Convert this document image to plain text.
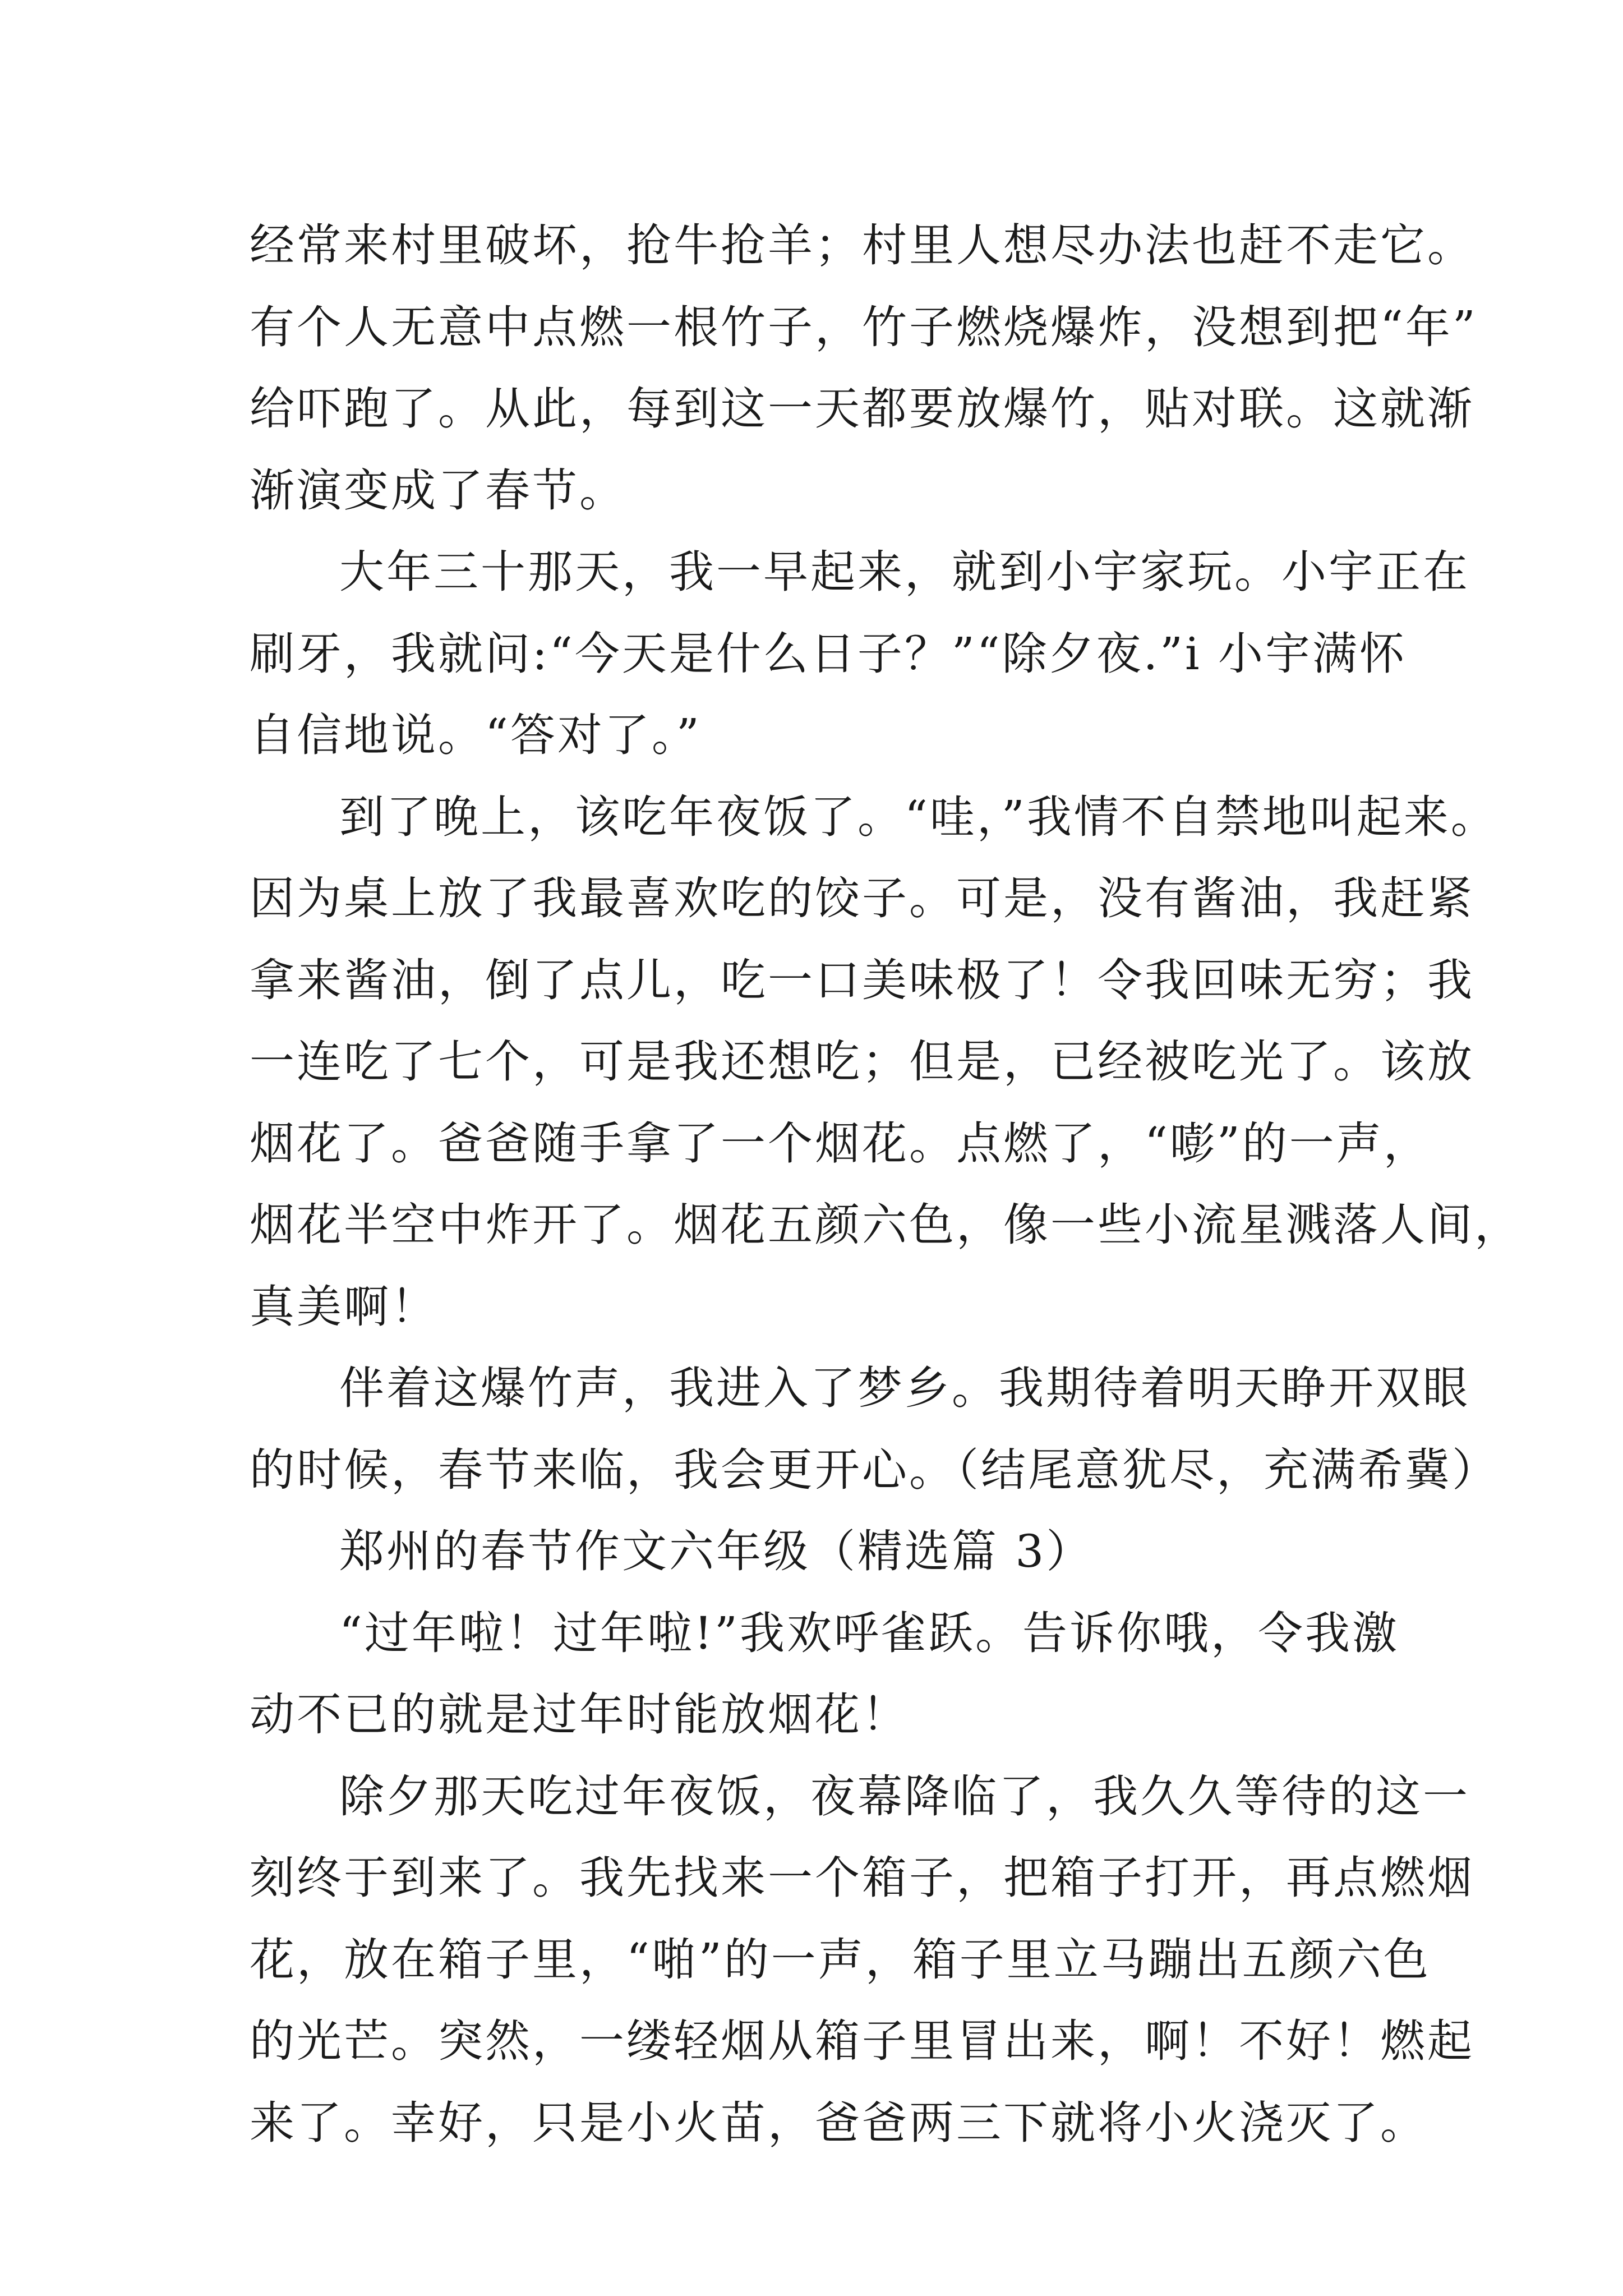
经常来村里破坏，抢牛抢羊；村里人想尽办法也赶不走它。
有个人无意中点燃一根竹子，竹子燃烧爆炸，没想到把“年”
给吓跑了。从此，每到这一天都要放爆竹，贴对联。这就渐
渐演变成了春节。
大年三十那天，我一早起来，就到小宇家玩。小宇正在
刷牙，我就问:“今天是什么日子？”“除夕夜.”i 小宇满怀
自信地说。“答对了。”
到了晚上，该吃年夜饭了。“哇，”我情不自禁地叫起来。
因为桌上放了我最喜欢吃的饺子。可是，没有酱油，我赶紧
拿来酱油，倒了点儿，吃一口美味极了！令我回味无穷；我
一连吃了七个，可是我还想吃；但是，已经被吃光了。该放
烟花了。爸爸随手拿了一个烟花。点燃了，“嘭”的一声，
烟花半空中炸开了。烟花五颜六色，像一些小流星溅落人间，
真美啊！
伴着这爆竹声，我进入了梦乡。我期待着明天睁开双眼
的时候，春节来临，我会更开心。（结尾意犹尽，充满希冀）
郑州的春节作文六年级（精选篇 3）
“过年啦！过年啦!”我欢呼雀跃。告诉你哦，令我激
动不已的就是过年时能放烟花！
除夕那天吃过年夜饭，夜幕降临了，我久久等待的这一
刻终于到来了。我先找来一个箱子，把箱子打开，再点燃烟
花，放在箱子里，“啪”的一声，箱子里立马蹦出五颜六色
的光芒。突然，一缕轻烟从箱子里冒出来，啊！不好！燃起
来了。幸好，只是小火苗，爸爸两三下就将小火浇灭了。
